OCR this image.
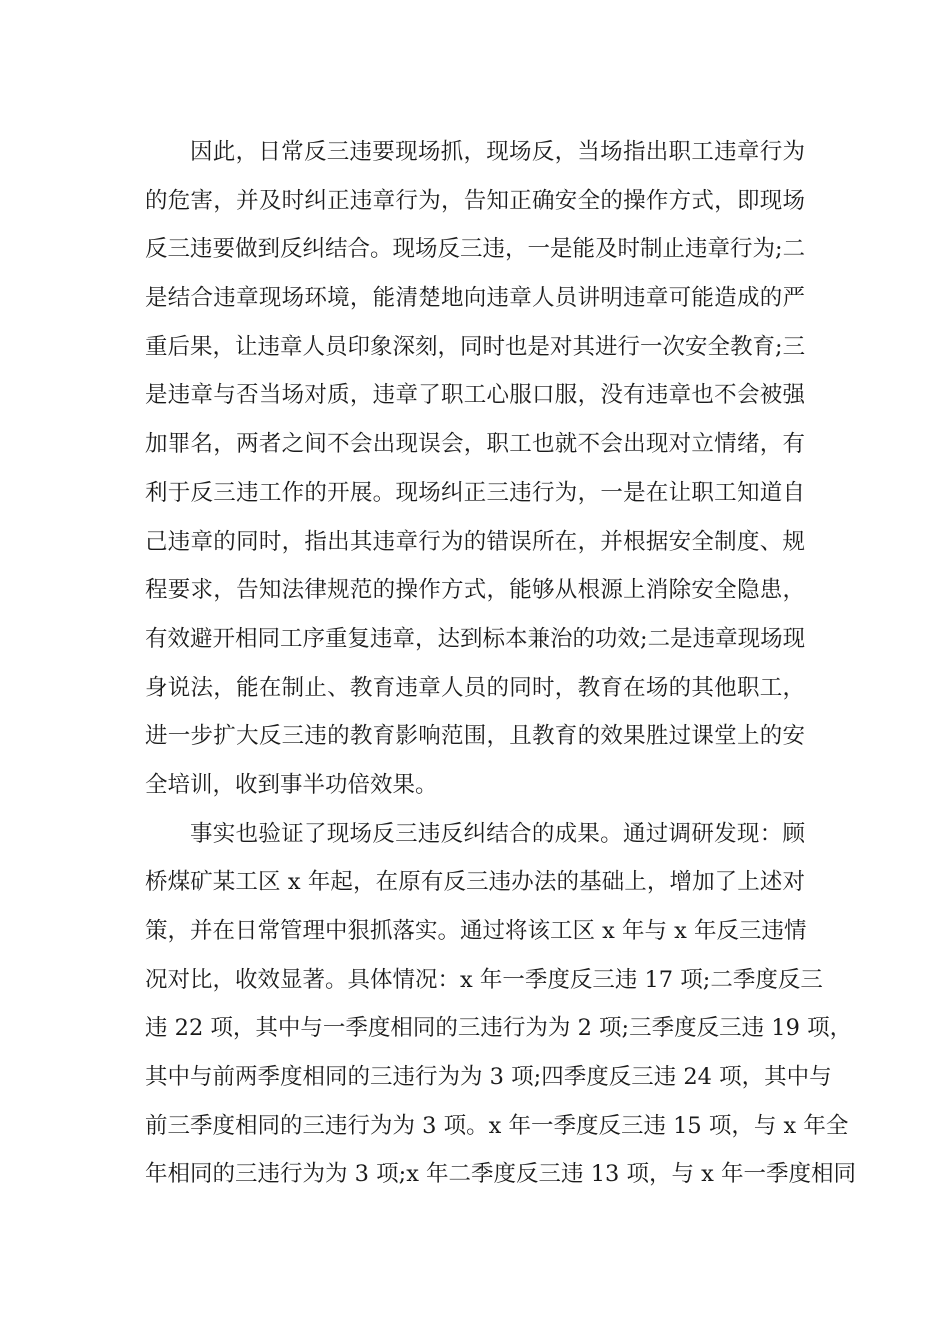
因此，日常反三违要现场抓，现场反，当场指出职工违章行为
的危害，并及时纠正违章行为，告知正确安全的操作方式，即现场
反三违要做到反纠结合。现场反三违，一是能及时制止违章行为;二
是结合违章现场环境，能清楚地向违章人员讲明违章可能造成的严
重后果，让违章人员印象深刻，同时也是对其进行一次安全教育;三
是违章与否当场对质，违章了职工心服口服，没有违章也不会被强
加罪名，两者之间不会出现误会，职工也就不会出现对立情绪，有
利于反三违工作的开展。现场纠正三违行为，一是在让职工知道自
己违章的同时，指出其违章行为的错误所在，并根据安全制度、规
程要求，告知法律规范的操作方式，能够从根源上消除安全隐患，
有效避开相同工序重复违章，达到标本兼治的功效;二是违章现场现
身说法，能在制止、教育违章人员的同时，教育在场的其他职工，
进一步扩大反三违的教育影响范围，且教育的效果胜过课堂上的安
全培训，收到事半功倍效果。
事实也验证了现场反三违反纠结合的成果。通过调研发现：顾
桥煤矿某工区 x 年起，在原有反三违办法的基础上，增加了上述对
策，并在日常管理中狠抓落实。通过将该工区 x 年与 x 年反三违情
况对比，收效显著。具体情况：x 年一季度反三违 17 项;二季度反三
违 22 项，其中与一季度相同的三违行为为 2 项;三季度反三违 19 项，
其中与前两季度相同的三违行为为 3 项;四季度反三违 24 项，其中与
前三季度相同的三违行为为 3 项。x 年一季度反三违 15 项，与 x 年全
年相同的三违行为为 3 项;x 年二季度反三违 13 项，与 x 年一季度相同
